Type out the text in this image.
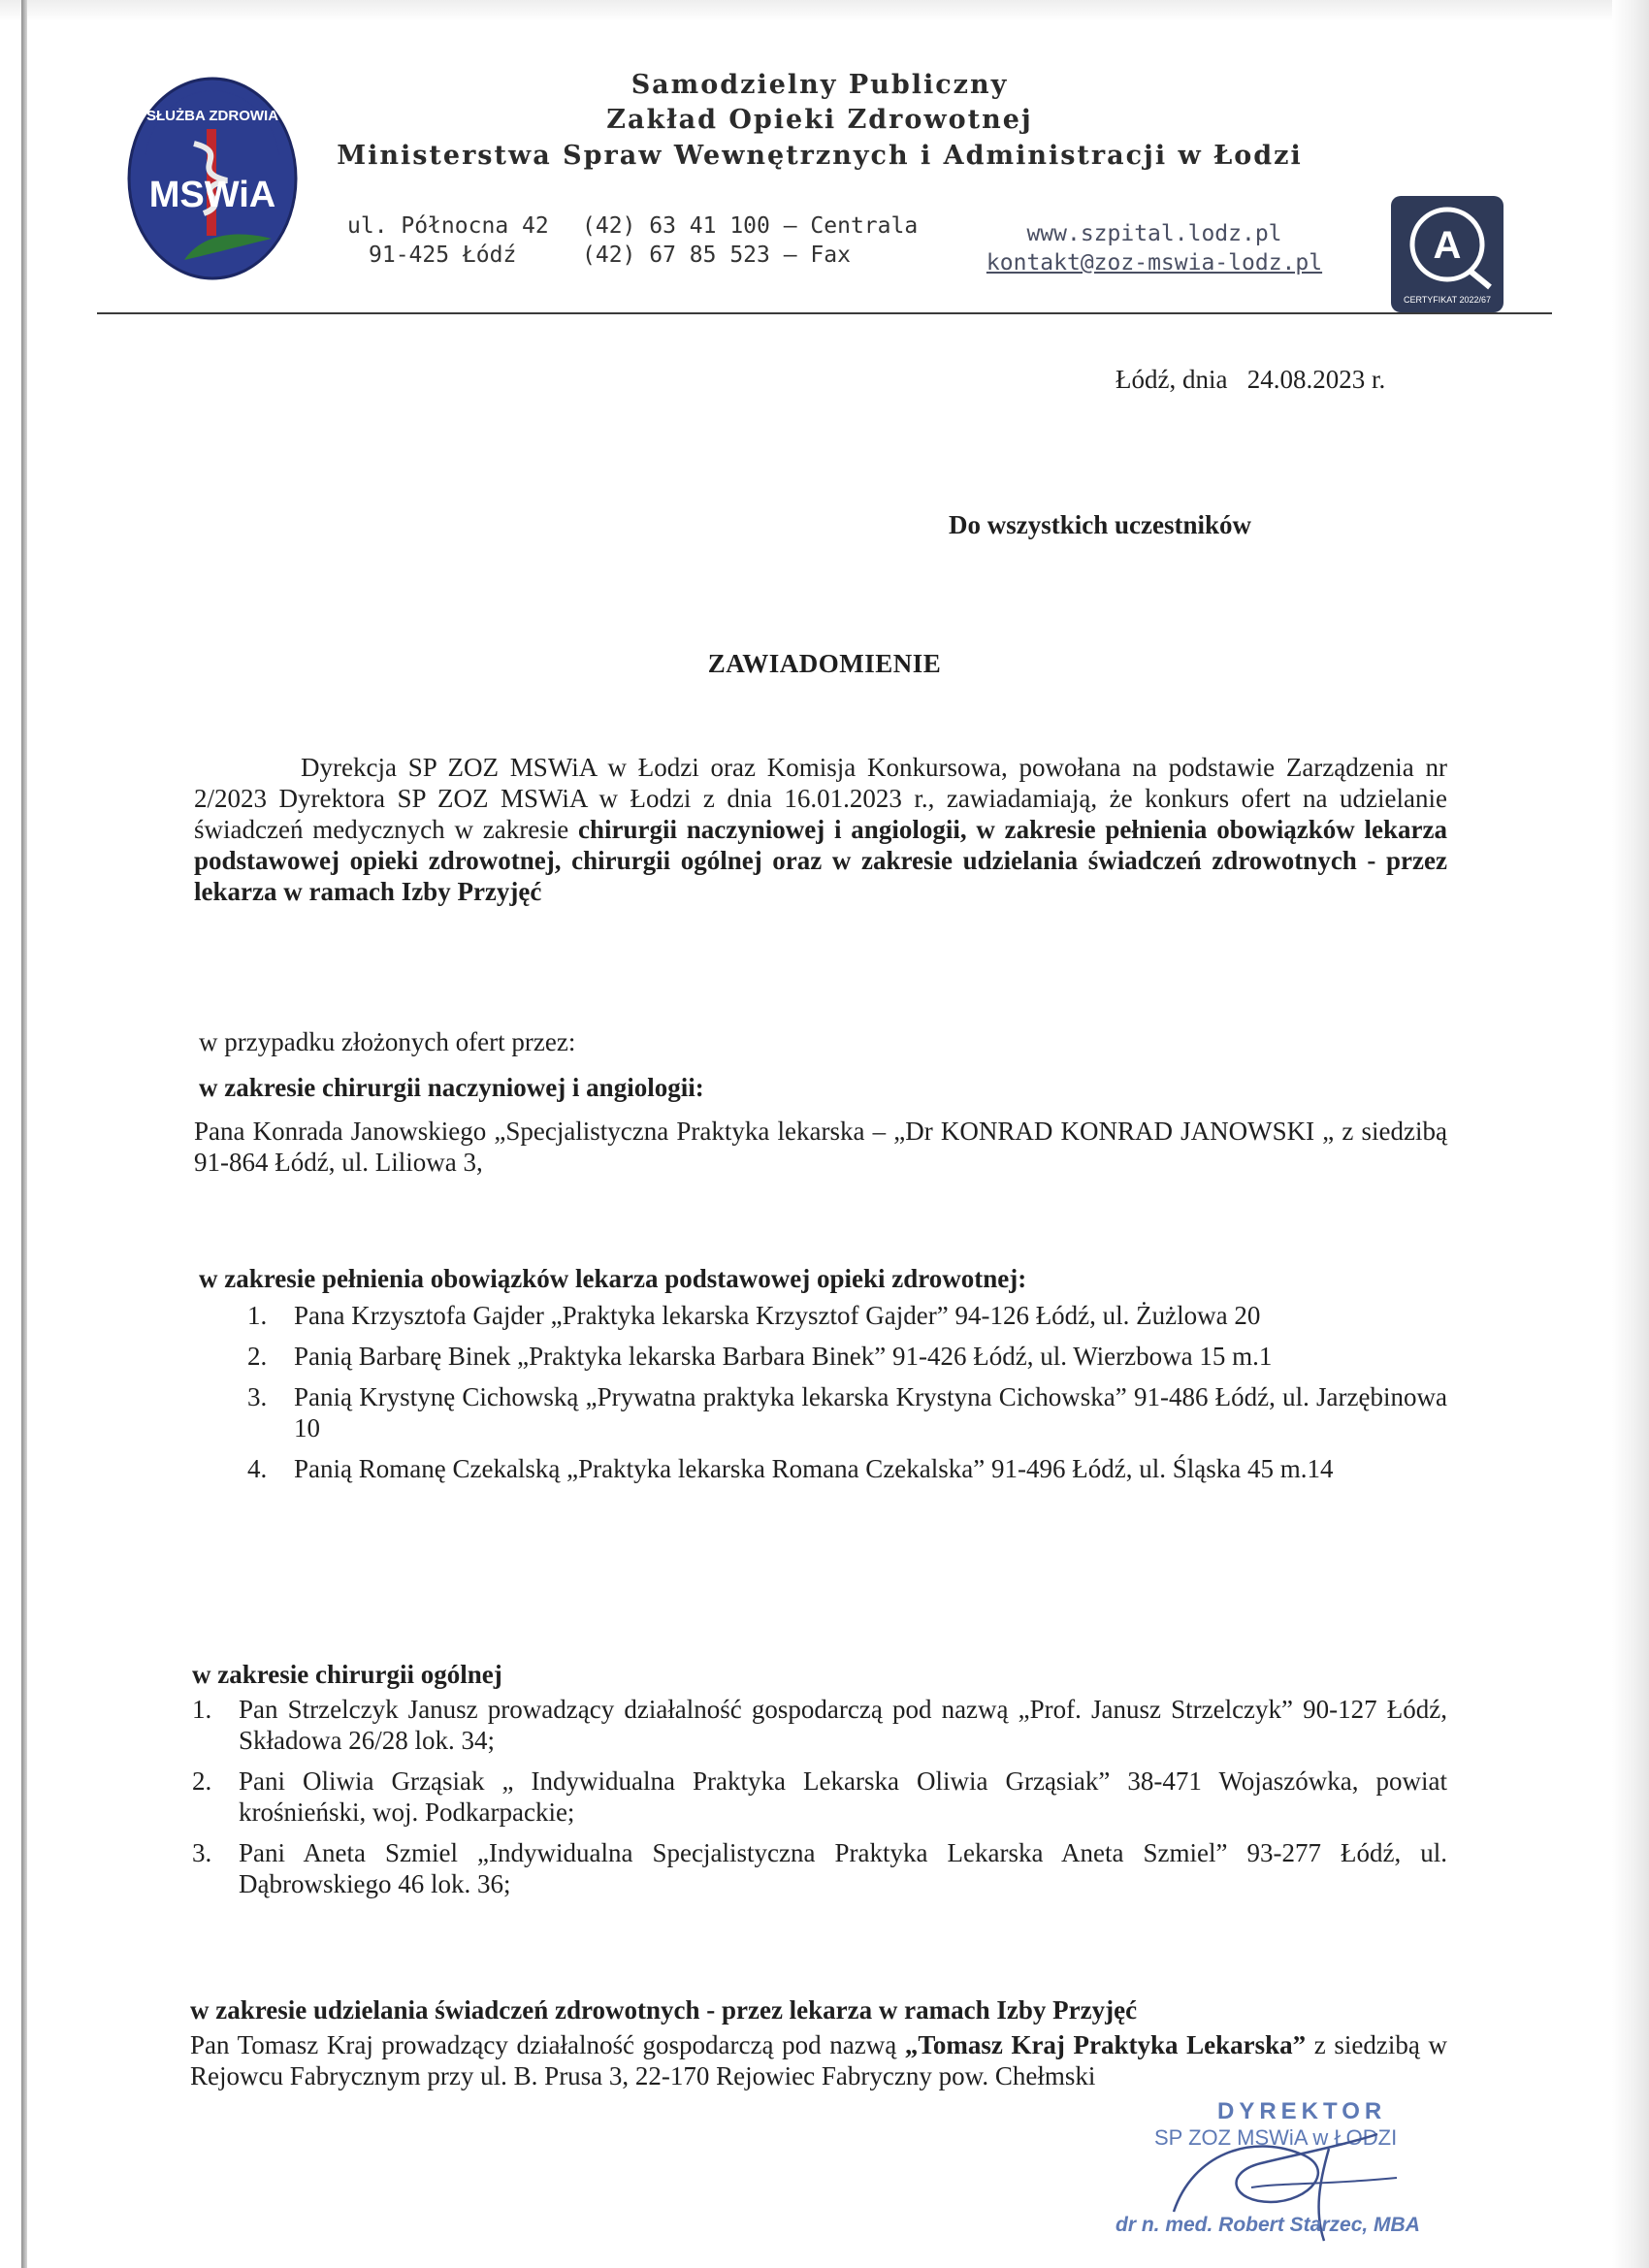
SŁUŻBA ZDROWIA
MSWiA
Samodzielny Publiczny
Zakład Opieki Zdrowotnej
Ministerstwa Spraw Wewnętrznych i Administracji w Łodzi
ul. Północna 42
91-425 Łódź
(42) 63 41 100 – Centrala
(42) 67 85 523 – Fax
www.szpital.lodz.pl
kontakt@zoz-mswia-lodz.pl	A
CERTYFIKAT 2022/67
Łódź, dnia   24.08.2023 r.
Do wszystkich uczestników
ZAWIADOMIENIE
Dyrekcja SP ZOZ MSWiA w Łodzi oraz Komisja Konkursowa, powołana na podstawie Zarządzenia nr 2/2023 Dyrektora SP ZOZ MSWiA w Łodzi z dnia 16.01.2023 r., zawiadamiają, że konkurs ofert na udzielanie świadczeń medycznych w zakresie chirurgii naczyniowej i angiologii, w zakresie pełnienia obowiązków lekarza podstawowej opieki zdrowotnej, chirurgii ogólnej oraz w zakresie udzielania świadczeń zdrowotnych - przez lekarza w ramach Izby Przyjęć
w przypadku złożonych ofert przez:
w zakresie chirurgii naczyniowej i angiologii:
Pana Konrada Janowskiego „Specjalistyczna Praktyka lekarska – „Dr KONRAD KONRAD JANOWSKI „ z siedzibą 91-864 Łódź, ul. Liliowa 3,
w zakresie pełnienia obowiązków lekarza podstawowej opieki zdrowotnej:
1. Pana Krzysztofa Gajder „Praktyka lekarska Krzysztof Gajder” 94-126 Łódź, ul. Żużlowa 20
2. Panią Barbarę Binek „Praktyka lekarska Barbara Binek” 91-426 Łódź, ul. Wierzbowa 15 m.1
3. Panią Krystynę Cichowską „Prywatna praktyka lekarska Krystyna Cichowska” 91-486 Łódź, ul. Jarzębinowa 10
4. Panią Romanę Czekalską „Praktyka lekarska Romana Czekalska” 91-496 Łódź, ul. Śląska 45 m.14
w zakresie chirurgii ogólnej
1. Pan Strzelczyk Janusz prowadzący działalność gospodarczą pod nazwą „Prof. Janusz Strzelczyk” 90-127 Łódź, Składowa 26/28 lok. 34;
2. Pani Oliwia Grząsiak „ Indywidualna Praktyka Lekarska Oliwia Grząsiak” 38-471 Wojaszówka, powiat krośnieński, woj. Podkarpackie;
3. Pani Aneta Szmiel „Indywidualna Specjalistyczna Praktyka Lekarska Aneta Szmiel” 93-277 Łódź, ul. Dąbrowskiego 46 lok. 36;
w zakresie udzielania świadczeń zdrowotnych - przez lekarza w ramach Izby Przyjęć
Pan Tomasz Kraj prowadzący działalność gospodarczą pod nazwą „Tomasz Kraj Praktyka Lekarska” z siedzibą w Rejowcu Fabrycznym przy ul. B. Prusa 3, 22-170 Rejowiec Fabryczny pow. Chełmski
DYREKTOR
SP ZOZ MSWiA w ŁODZI
dr n. med. Robert Starzec, MBA
